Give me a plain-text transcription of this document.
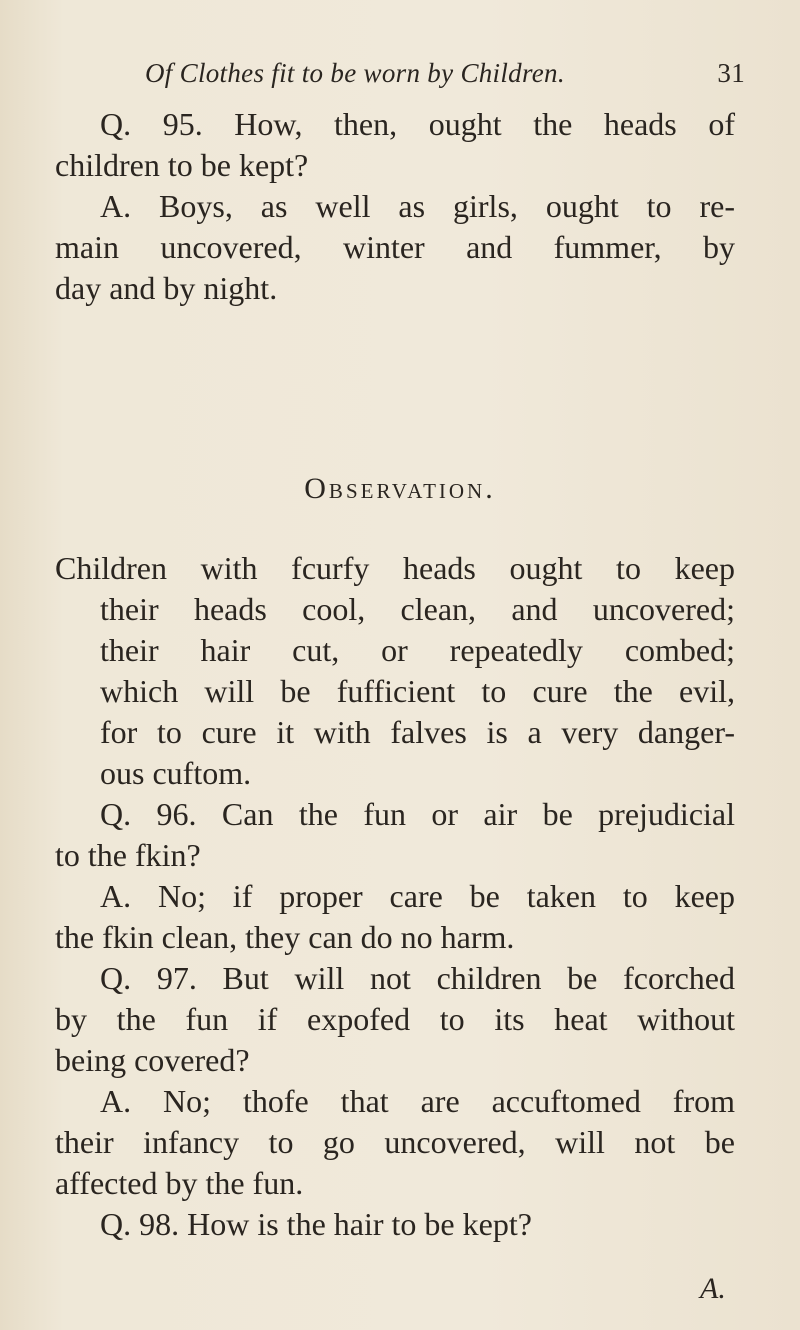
Of Clothes fit to be worn by Children.	31
Q. 95. How, then, ought the heads of
children to be kept?
A. Boys, as well as girls, ought to re-
main uncovered, winter and fummer, by
day and by night.
Observation.
Children with fcurfy heads ought to keep
their heads cool, clean, and uncovered;
their hair cut, or repeatedly combed;
which will be fufficient to cure the evil,
for to cure it with falves is a very danger-
ous cuftom.
Q. 96. Can the fun or air be prejudicial
to the fkin?
A. No; if proper care be taken to keep
the fkin clean, they can do no harm.
Q. 97. But will not children be fcorched
by the fun if expofed to its heat without
being covered?
A. No; thofe that are accuftomed from
their infancy to go uncovered, will not be
affected by the fun.
Q. 98. How is the hair to be kept?
A.
